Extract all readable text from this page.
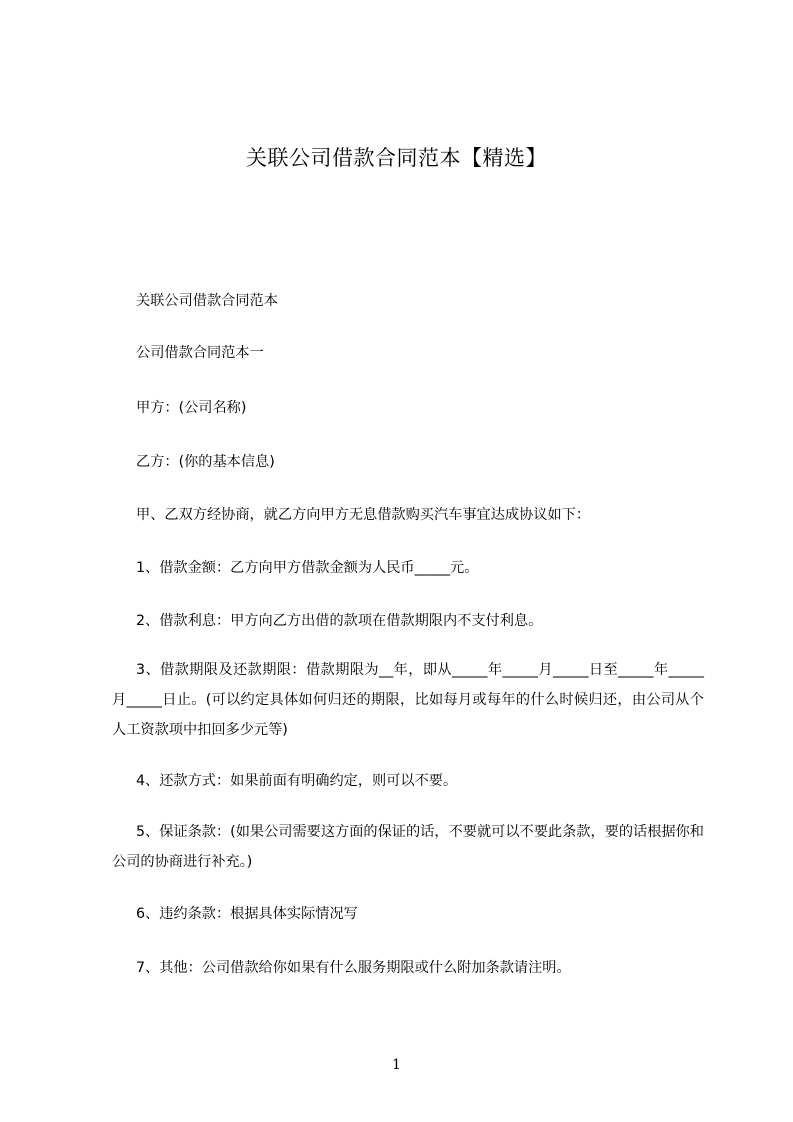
关联公司借款合同范本【精选】
关联公司借款合同范本
公司借款合同范本一
甲方：(公司名称)
乙方：(你的基本信息)
甲、乙双方经协商，就乙方向甲方无息借款购买汽车事宜达成协议如下：
1、借款金额：乙方向甲方借款金额为人民币_____元。
2、借款利息：甲方向乙方出借的款项在借款期限内不支付利息。
3、借款期限及还款期限：借款期限为__年，即从_____年_____月_____日至_____年_____月_____日止。(可以约定具体如何归还的期限，比如每月或每年的什么时候归还，由公司从个人工资款项中扣回多少元等)
4、还款方式：如果前面有明确约定，则可以不要。
5、保证条款：(如果公司需要这方面的保证的话，不要就可以不要此条款，要的话根据你和公司的协商进行补充。)
6、违约条款：根据具体实际情况写
7、其他：公司借款给你如果有什么服务期限或什么附加条款请注明。
1
